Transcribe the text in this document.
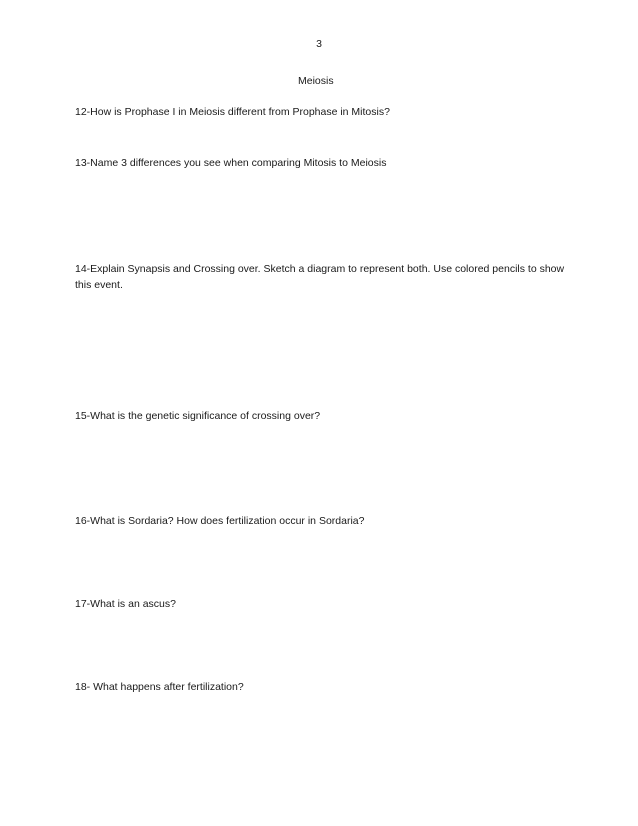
3
Meiosis

12-How is Prophase I in Meiosis different from Prophase in Mitosis?

13-Name 3 differences you see when comparing Mitosis to Meiosis

14-Explain Synapsis and Crossing over. Sketch a diagram to represent both. Use colored pencils to show this event.

15-What is the genetic significance of crossing over?

16-What is Sordaria? How does fertilization occur in Sordaria?

17-What is an ascus?

18- What happens after fertilization?
